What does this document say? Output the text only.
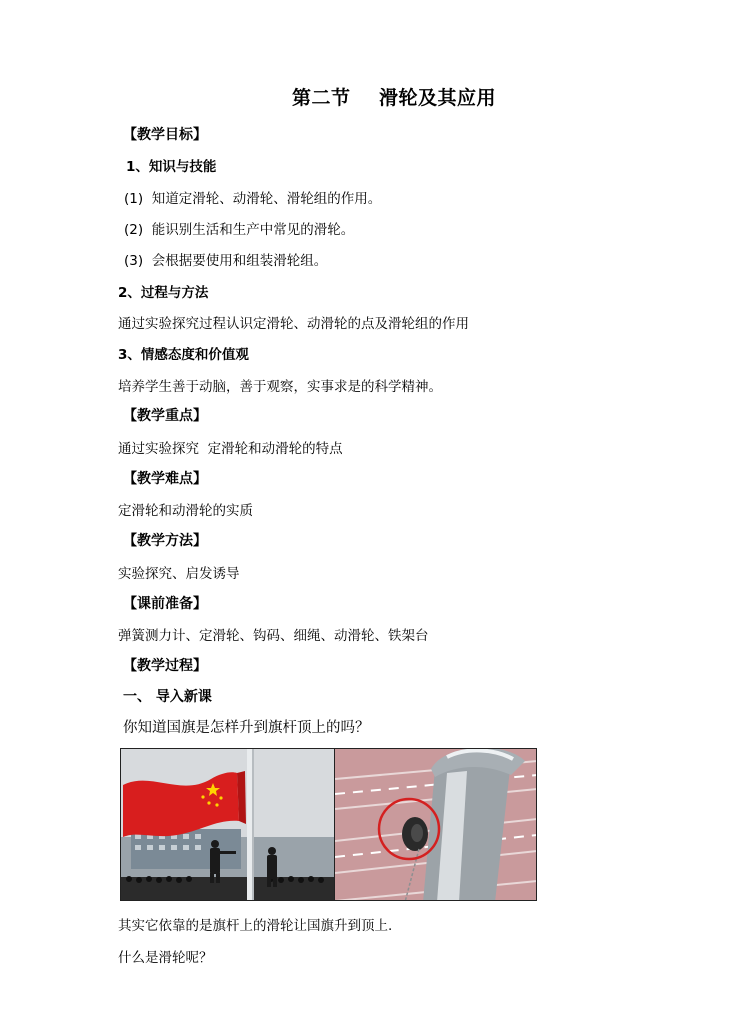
第二节    滑轮及其应用
【教学目标】
1、知识与技能
(1)  知道定滑轮、动滑轮、滑轮组的作用。
(2)  能识别生活和生产中常见的滑轮。
(3)  会根据要使用和组装滑轮组。
2、过程与方法
通过实验探究过程认识定滑轮、动滑轮的点及滑轮组的作用
3、情感态度和价值观
培养学生善于动脑，善于观察，实事求是的科学精神。
【教学重点】
通过实验探究  定滑轮和动滑轮的特点
【教学难点】
定滑轮和动滑轮的实质
【教学方法】
实验探究、启发诱导
【课前准备】
弹簧测力计、定滑轮、钩码、细绳、动滑轮、铁架台
【教学过程】
一、 导入新课
你知道国旗是怎样升到旗杆顶上的吗？
其实它依靠的是旗杆上的滑轮让国旗升到顶上.
什么是滑轮呢？
